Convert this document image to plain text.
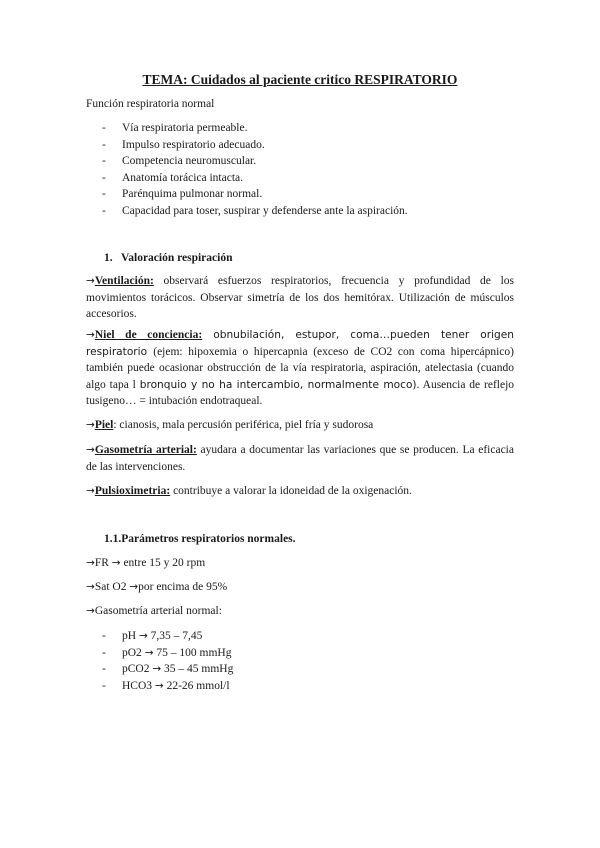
TEMA: Cuidados al paciente critico RESPIRATORIO
Función respiratoria normal
- Vía respiratoria permeable.
- Impulso respiratorio adecuado.
- Competencia neuromuscular.
- Anatomía torácica intacta.
- Parénquima pulmonar normal.
- Capacidad para toser, suspirar y defenderse ante la aspiración.
1. Valoración respiración
→Ventilación: observará esfuerzos respiratorios, frecuencia y profundidad de los movimientos torácicos. Observar simetría de los dos hemitórax. Utilización de músculos accesorios.
→Niel de conciencia: obnubilación, estupor, coma…pueden tener origen respiratorio (ejem: hipoxemia o hipercapnia (exceso de CO2 con coma hipercápnico) también puede ocasionar obstrucción de la vía respiratoria, aspiración, atelectasia (cuando algo tapa l bronquio y no ha intercambio, normalmente moco). Ausencia de reflejo tusigeno… = intubación endotraqueal.
→Piel: cianosis, mala percusión periférica, piel fría y sudorosa
→Gasometría arterial: ayudara a documentar las variaciones que se producen. La eficacia de las intervenciones.
→Pulsioximetria: contribuye a valorar la idoneidad de la oxigenación.
1.1.Parámetros respiratorios normales.
→FR → entre 15 y 20 rpm
→Sat O2 →por encima de 95%
→Gasometría arterial normal:
- pH → 7,35 – 7,45
- pO2 → 75 – 100 mmHg
- pCO2 → 35 – 45 mmHg
- HCO3 → 22-26 mmol/l
